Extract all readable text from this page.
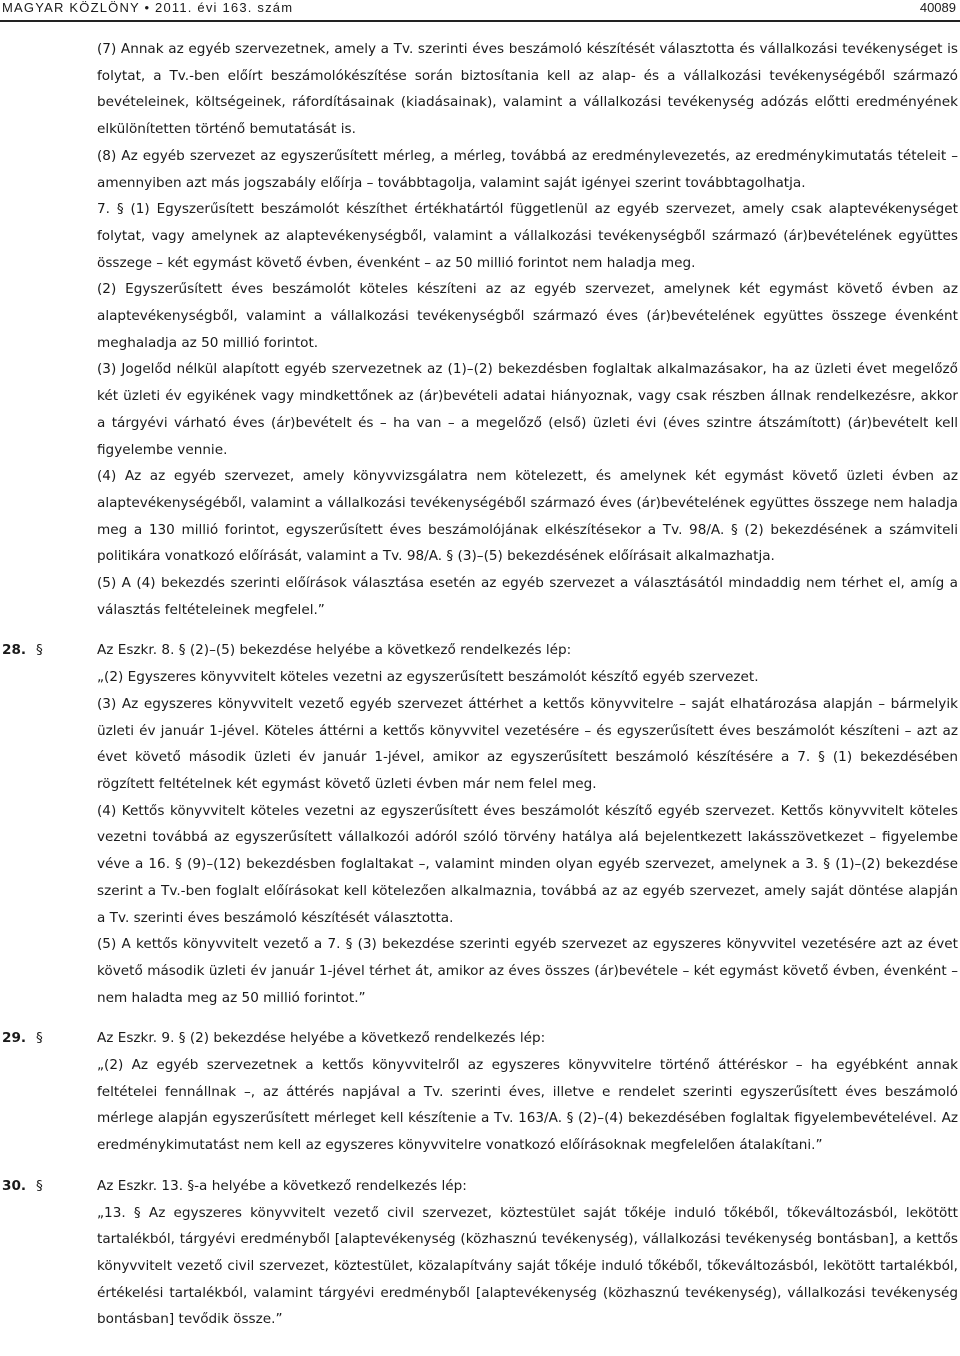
MAGYAR KÖZLÖNY • 2011. évi 163. szám	40089

(7) Annak az egyéb szervezetnek, amely a Tv. szerinti éves beszámoló készítését választotta és vállalkozási tevékenységet is folytat, a Tv.-ben előírt beszámolókészítése során biztosítania kell az alap- és a vállalkozási tevékenységéből származó bevételeinek, költségeinek, ráfordításainak (kiadásainak), valamint a vállalkozási tevékenység adózás előtti eredményének elkülönítetten történő bemutatását is.

(8) Az egyéb szervezet az egyszerűsített mérleg, a mérleg, továbbá az eredménylevezetés, az eredménykimutatás tételeit – amennyiben azt más jogszabály előírja – továbbtagolja, valamint saját igényei szerint továbbtagolhatja.

7. § (1) Egyszerűsített beszámolót készíthet értékhatártól függetlenül az egyéb szervezet, amely csak alaptevékenységet folytat, vagy amelynek az alaptevékenységből, valamint a vállalkozási tevékenységből származó (ár)bevételének együttes összege – két egymást követő évben, évenként – az 50 millió forintot nem haladja meg.

(2) Egyszerűsített éves beszámolót köteles készíteni az az egyéb szervezet, amelynek két egymást követő évben az alaptevékenységből, valamint a vállalkozási tevékenységből származó éves (ár)bevételének együttes összege évenként meghaladja az 50 millió forintot.

(3) Jogelőd nélkül alapított egyéb szervezetnek az (1)–(2) bekezdésben foglaltak alkalmazásakor, ha az üzleti évet megelőző két üzleti év egyikének vagy mindkettőnek az (ár)bevételi adatai hiányoznak, vagy csak részben állnak rendelkezésre, akkor a tárgyévi várható éves (ár)bevételt és – ha van – a megelőző (első) üzleti évi (éves szintre átszámított) (ár)bevételt kell figyelembe vennie.

(4) Az az egyéb szervezet, amely könyvvizsgálatra nem kötelezett, és amelynek két egymást követő üzleti évben az alaptevékenységéből, valamint a vállalkozási tevékenységéből származó éves (ár)bevételének együttes összege nem haladja meg a 130 millió forintot, egyszerűsített éves beszámolójának elkészítésekor a Tv. 98/A. § (2) bekezdésének a számviteli politikára vonatkozó előírását, valamint a Tv. 98/A. § (3)–(5) bekezdésének előírásait alkalmazhatja.

(5) A (4) bekezdés szerinti előírások választása esetén az egyéb szervezet a választásától mindaddig nem térhet el, amíg a választás feltételeinek megfelel.”

28. §	Az Eszkr. 8. § (2)–(5) bekezdése helyébe a következő rendelkezés lép:

„(2) Egyszeres könyvvitelt köteles vezetni az egyszerűsített beszámolót készítő egyéb szervezet.

(3) Az egyszeres könyvvitelt vezető egyéb szervezet áttérhet a kettős könyvvitelre – saját elhatározása alapján – bármelyik üzleti év január 1-jével. Köteles áttérni a kettős könyvvitel vezetésére – és egyszerűsített éves beszámolót készíteni – azt az évet követő második üzleti év január 1-jével, amikor az egyszerűsített beszámoló készítésére a 7. § (1) bekezdésében rögzített feltételnek két egymást követő üzleti évben már nem felel meg.

(4) Kettős könyvvitelt köteles vezetni az egyszerűsített éves beszámolót készítő egyéb szervezet. Kettős könyvvitelt köteles vezetni továbbá az egyszerűsített vállalkozói adóról szóló törvény hatálya alá bejelentkezett lakásszövetkezet – figyelembe véve a 16. § (9)–(12) bekezdésben foglaltakat –, valamint minden olyan egyéb szervezet, amelynek a 3. § (1)–(2) bekezdése szerint a Tv.-ben foglalt előírásokat kell kötelezően alkalmaznia, továbbá az az egyéb szervezet, amely saját döntése alapján a Tv. szerinti éves beszámoló készítését választotta.

(5) A kettős könyvvitelt vezető a 7. § (3) bekezdése szerinti egyéb szervezet az egyszeres könyvvitel vezetésére azt az évet követő második üzleti év január 1-jével térhet át, amikor az éves összes (ár)bevétele – két egymást követő évben, évenként – nem haladta meg az 50 millió forintot.”

29. §	Az Eszkr. 9. § (2) bekezdése helyébe a következő rendelkezés lép:

„(2) Az egyéb szervezetnek a kettős könyvvitelről az egyszeres könyvvitelre történő áttéréskor – ha egyébként annak feltételei fennállnak –, az áttérés napjával a Tv. szerinti éves, illetve e rendelet szerinti egyszerűsített éves beszámoló mérlege alapján egyszerűsített mérleget kell készítenie a Tv. 163/A. § (2)–(4) bekezdésében foglaltak figyelembevételével. Az eredménykimutatást nem kell az egyszeres könyvvitelre vonatkozó előírásoknak megfelelően átalakítani.”

30. §	Az Eszkr. 13. §-a helyébe a következő rendelkezés lép:

„13. § Az egyszeres könyvvitelt vezető civil szervezet, köztestület saját tőkéje induló tőkéből, tőkeváltozásból, lekötött tartalékból, tárgyévi eredményből [alaptevékenység (közhasznú tevékenység), vállalkozási tevékenység bontásban], a kettős könyvvitelt vezető civil szervezet, köztestület, közalapítvány saját tőkéje induló tőkéből, tőkeváltozásból, lekötött tartalékból, értékelési tartalékból, valamint tárgyévi eredményből [alaptevékenység (közhasznú tevékenység), vállalkozási tevékenység bontásban] tevődik össze.”
